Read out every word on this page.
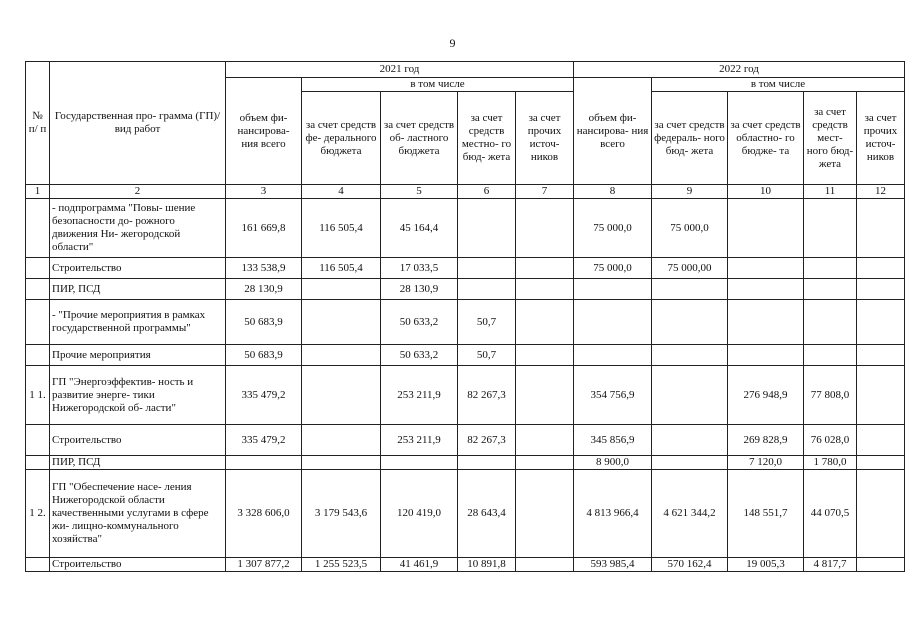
9
№ п/ п	Государственная про- грамма (ГП)/ вид работ	2021 год					2022 год				
		объем фи- нансирова- ния всего	в том числе				объем фи- нансирова- ния всего	в том числе			
			за счет средств фе- дерального бюджета	за счет средств об- ластного бюджета	за счет средств местно- го бюд- жета	за счет прочих источ- ников		за счет средств федераль- ного бюд- жета	за счет средств областно- го бюдже- та	за счет средств мест- ного бюд- жета	за счет прочих источ- ников
1	2	3	4	5	6	7	8	9	10	11	12
	- подпрограмма "Повы- шение безопасности до- рожного движения Ни- жегородской области"	161 669,8	116 505,4	45 164,4			75 000,0	75 000,0			
	Строительство	133 538,9	116 505,4	17 033,5			75 000,0	75 000,00			
	ПИР, ПСД	28 130,9		28 130,9							
	- "Прочие мероприятия в рамках государственной программы"	50 683,9		50 633,2	50,7						
	Прочие мероприятия	50 683,9		50 633,2	50,7						
1 1.	ГП "Энергоэффектив- ность и развитие энерге- тики Нижегородской об- ласти"	335 479,2		253 211,9	82 267,3		354 756,9		276 948,9	77 808,0	
	Строительство	335 479,2		253 211,9	82 267,3		345 856,9		269 828,9	76 028,0	
	ПИР, ПСД						8 900,0		7 120,0	1 780,0	
1 2.	ГП "Обеспечение насе- ления Нижегородской области качественными услугами в сфере жи- лищно-коммунального хозяйства"	3 328 606,0	3 179 543,6	120 419,0	28 643,4		4 813 966,4	4 621 344,2	148 551,7	44 070,5	
	Строительство	1 307 877,2	1 255 523,5	41 461,9	10 891,8		593 985,4	570 162,4	19 005,3	4 817,7	
